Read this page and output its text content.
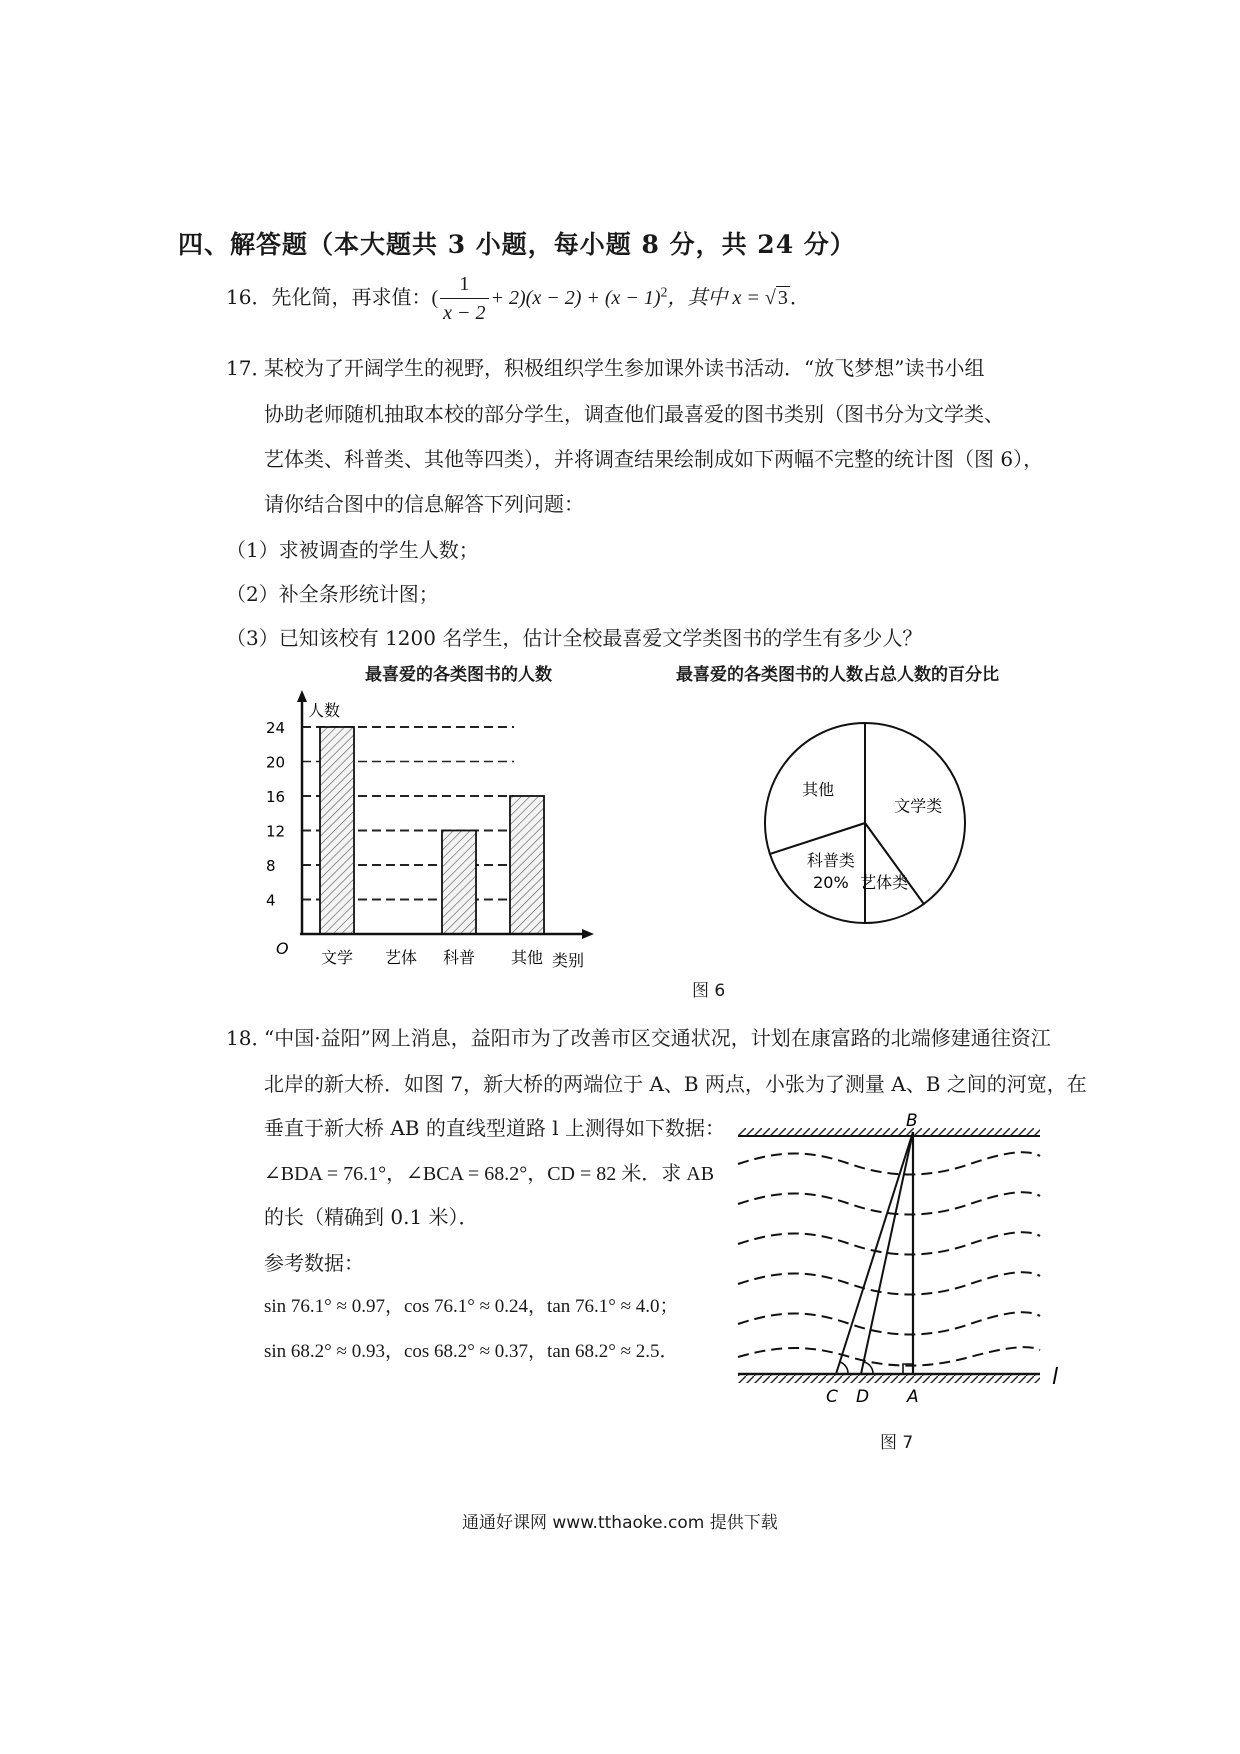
四、解答题（本大题共 3 小题，每小题 8 分，共 24 分）
16．先化简，再求值：( $\frac{1}{x - 2} + 2)(x - 2) + (x - 1)^2$，其中 x = √ 3 ．
17．
某校为了开阔学生的视野，积极组织学生参加课外读书活动．“放飞梦想”读书小组
协助老师随机抽取本校的部分学生，调查他们最喜爱的图书类别（图书分为文学类、
艺体类、科普类、其他等四类），并将调查结果绘制成如下两幅不完整的统计图（图 6），
请你结合图中的信息解答下列问题：
（1）求被调查的学生人数；
（2）补全条形统计图；
（3）已知该校有 1200 名学生，估计全校最喜爱文学类图书的学生有多少人？
最喜爱的各类图书的人数	最喜爱的各类图书的人数占总人数的百分比
4
8
12
16
20
24
文学 艺体 科普 其他
人数
类别
O
文学类
艺体类
科普类
20%
其他
图 6
18．
“中国·益阳”网上消息，益阳市为了改善市区交通状况，计划在康富路的北端修建通往资江
北岸的新大桥．如图 7，新大桥的两端位于 A、B 两点，小张为了测量 A、B 之间的河宽，在
垂直于新大桥 AB 的直线型道路 l 上测得如下数据：
∠BDA = 76.1°，∠BCA = 68.2°，CD = 82 米．求 AB
的长（精确到 0.1 米）．
参考数据：
sin 76.1° ≈ 0.97，cos 76.1° ≈ 0.24，tan 76.1° ≈ 4.0；
sin 68.2° ≈ 0.93，cos 68.2° ≈ 0.37，tan 68.2° ≈ 2.5．
B
C D A
l
图 7
通通好课网 www.tthaoke.com 提供下载
